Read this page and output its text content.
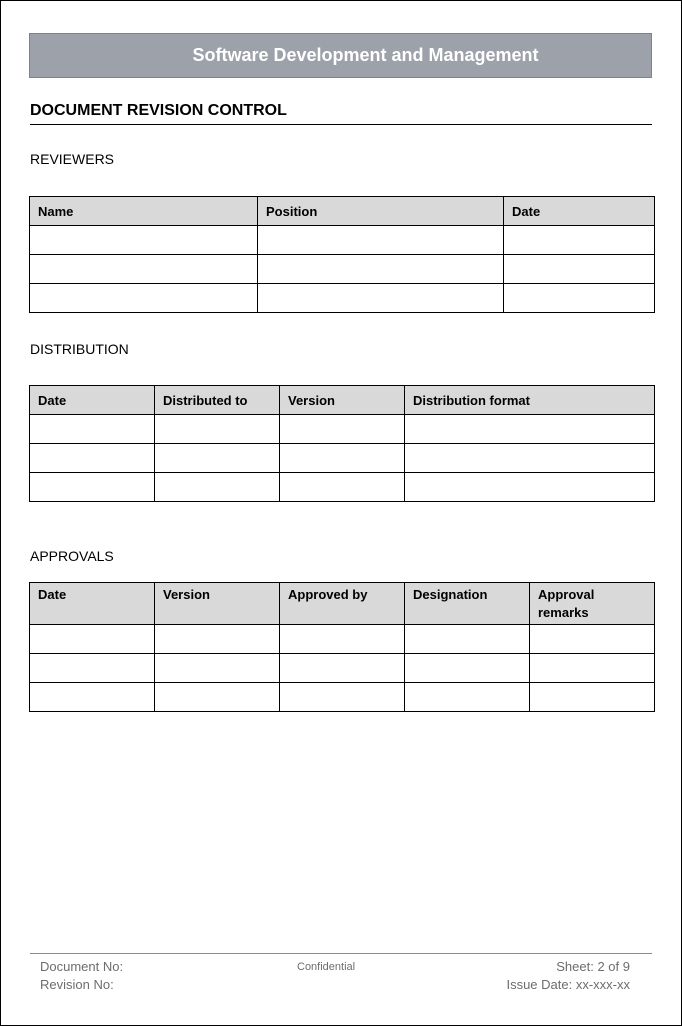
Software Development and Management
DOCUMENT REVISION CONTROL
REVIEWERS
Name	Position	Date

DISTRIBUTION
Date	Distributed to	Version	Distribution format

APPROVALS
Date	Version	Approved by	Designation	Approval remarks

Document No:
Revision No:
Confidential	Sheet: 2 of 9
Issue Date: xx-xxx-xx
